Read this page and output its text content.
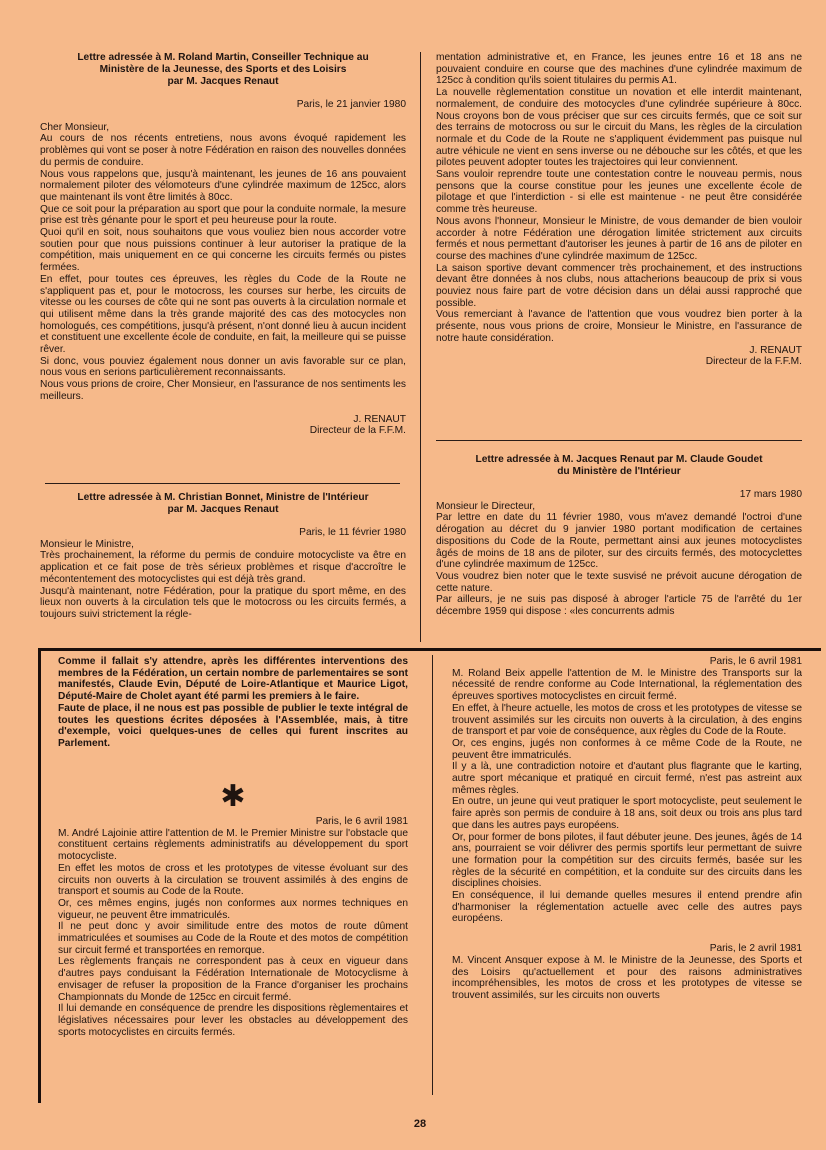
Lettre adressée à M. Roland Martin, Conseiller Technique au
Ministère de la Jeunesse, des Sports et des Loisirs
par M. Jacques Renaut

Paris, le 21 janvier 1980

Cher Monsieur,

Au cours de nos récents entretiens, nous avons évoqué rapidement les problèmes qui vont se poser à notre Fédération en raison des nouvelles données du permis de conduire.

Nous vous rappelons que, jusqu'à maintenant, les jeunes de 16 ans pouvaient normalement piloter des vélomoteurs d'une cylindrée maximum de 125cc, alors que maintenant ils vont être limités à 80cc.

Que ce soit pour la préparation au sport que pour la conduite normale, la mesure prise est très génante pour le sport et peu heureuse pour la route.

Quoi qu'il en soit, nous souhaitons que vous vouliez bien nous accorder votre soutien pour que nous puissions continuer à leur autoriser la pratique de la compétition, mais uniquement en ce qui concerne les circuits fermés ou pistes fermées.

En effet, pour toutes ces épreuves, les règles du Code de la Route ne s'appliquent pas et, pour le motocross, les courses sur herbe, les circuits de vitesse ou les courses de côte qui ne sont pas ouverts à la circulation normale et qui utilisent même dans la très grande majorité des cas des motocycles non homologués, ces compétitions, jusqu'à présent, n'ont donné lieu à aucun incident et constituent une excellente école de conduite, en fait, la meilleure qui se puisse rêver.

Si donc, vous pouviez également nous donner un avis favorable sur ce plan, nous vous en serions particulièrement reconnaissants.

Nous vous prions de croire, Cher Monsieur, en l'assurance de nos sentiments les meilleurs.

J. RENAUT

Directeur de la F.F.M.

Lettre adressée à M. Christian Bonnet, Ministre de l'Intérieur
par M. Jacques Renaut

Paris, le 11 février 1980

Monsieur le Ministre,

Très prochainement, la réforme du permis de conduire motocycliste va être en application et ce fait pose de très sérieux problèmes et risque d'accroître le mécontentement des motocyclistes qui est déjà très grand.

Jusqu'à maintenant, notre Fédération, pour la pratique du sport même, en des lieux non ouverts à la circulation tels que le motocross ou les circuits fermés, a toujours suivi strictement la régle-

mentation administrative et, en France, les jeunes entre 16 et 18 ans ne pouvaient conduire en course que des machines d'une cylindrée maximum de 125cc à condition qu'ils soient titulaires du permis A1.

La nouvelle règlementation constitue un novation et elle interdit maintenant, normalement, de conduire des motocycles d'une cylindrée supérieure à 80cc. Nous croyons bon de vous préciser que sur ces circuits fermés, que ce soit sur des terrains de motocross ou sur le circuit du Mans, les règles de la circulation normale et du Code de la Route ne s'appliquent évidemment pas puisque nul autre véhicule ne vient en sens inverse ou ne débouche sur les côtés, et que les pilotes peuvent adopter toutes les trajectoires qui leur conviennent.

Sans vouloir reprendre toute une contestation contre le nouveau permis, nous pensons que la course constitue pour les jeunes une excellente école de pilotage et que l'interdiction - si elle est maintenue - ne peut être considérée comme très heureuse.

Nous avons l'honneur, Monsieur le Ministre, de vous demander de bien vouloir accorder à notre Fédération une dérogation limitée strictement aux circuits fermés et nous permettant d'autoriser les jeunes à partir de 16 ans de piloter en course des machines d'une cylindrée maximum de 125cc.

La saison sportive devant commencer très prochainement, et des instructions devant être données à nos clubs, nous attacherions beaucoup de prix si vous pouviez nous faire part de votre décision dans un délai aussi rapproché que possible.

Vous remerciant à l'avance de l'attention que vous voudrez bien porter à la présente, nous vous prions de croire, Monsieur le Ministre, en l'assurance de notre haute considération.

J. RENAUT

Directeur de la F.F.M.

Lettre adressée à M. Jacques Renaut par M. Claude Goudet
du Ministère de l'Intérieur

17 mars 1980

Monsieur le Directeur,

Par lettre en date du 11 février 1980, vous m'avez demandé l'octroi d'une dérogation au décret du 9 janvier 1980 portant modification de certaines dispositions du Code de la Route, permettant ainsi aux jeunes motocyclistes âgés de moins de 18 ans de piloter, sur des circuits fermés, des motocyclettes d'une cylindrée maximum de 125cc.

Vous voudrez bien noter que le texte susvisé ne prévoit aucune dérogation de cette nature.

Par ailleurs, je ne suis pas disposé à abroger l'article 75 de l'arrêté du 1er décembre 1959 qui dispose : «les concurrents admis

Comme il fallait s'y attendre, après les différentes interventions des membres de la Fédération, un certain nombre de parlementaires se sont manifestés, Claude Evin, Député de Loire-Atlantique et Maurice Ligot, Député-Maire de Cholet ayant été parmi les premiers à le faire.

Faute de place, il ne nous est pas possible de publier le texte intégral de toutes les questions écrites déposées à l'Assemblée, mais, à titre d'exemple, voici quelques-unes de celles qui furent inscrites au Parlement.

✱

Paris, le 6 avril 1981

M. André Lajoinie attire l'attention de M. le Premier Ministre sur l'obstacle que constituent certains règlements administratifs au développement du sport motocycliste.

En effet les motos de cross et les prototypes de vitesse évoluant sur des circuits non ouverts à la circulation se trouvent assimilés à des engins de transport et soumis au Code de la Route.

Or, ces mêmes engins, jugés non conformes aux normes techniques en vigueur, ne peuvent être immatriculés.

Il ne peut donc y avoir similitude entre des motos de route dûment immatriculées et soumises au Code de la Route et des motos de compétition sur circuit fermé et transportées en remorque.

Les règlements français ne correspondent pas à ceux en vigueur dans d'autres pays conduisant la Fédération Internationale de Motocyclisme à envisager de refuser la proposition de la France d'organiser les prochains Championnats du Monde de 125cc en circuit fermé.

Il lui demande en conséquence de prendre les dispositions règlementaires et législatives nécessaires pour lever les obstacles au développement des sports motocyclistes en circuits fermés.

Paris, le 6 avril 1981

M. Roland Beix appelle l'attention de M. le Ministre des Transports sur la nécessité de rendre conforme au Code International, la réglementation des épreuves sportives motocyclistes en circuit fermé.

En effet, à l'heure actuelle, les motos de cross et les prototypes de vitesse se trouvent assimilés sur les circuits non ouverts à la circulation, à des engins de transport et par voie de conséquence, aux règles du Code de la Route.

Or, ces engins, jugés non conformes à ce même Code de la Route, ne peuvent être immatriculés.

Il y a là, une contradiction notoire et d'autant plus flagrante que le karting, autre sport mécanique et pratiqué en circuit fermé, n'est pas astreint aux mêmes règles.

En outre, un jeune qui veut pratiquer le sport motocycliste, peut seulement le faire après son permis de conduire à 18 ans, soit deux ou trois ans plus tard que dans les autres pays européens.

Or, pour former de bons pilotes, il faut débuter jeune. Des jeunes, âgés de 14 ans, pourraient se voir délivrer des permis sportifs leur permettant de suivre une formation pour la compétition sur des circuits fermés, basée sur les règles de la sécurité en compétition, et la conduite sur des circuits dans les disciplines choisies.

En conséquence, il lui demande quelles mesures il entend prendre afin d'harmoniser la réglementation actuelle avec celle des autres pays européens.

Paris, le 2 avril 1981

M. Vincent Ansquer expose à M. le Ministre de la Jeunesse, des Sports et des Loisirs qu'actuellement et pour des raisons administratives incompréhensibles, les motos de cross et les prototypes de vitesse se trouvent assimilés, sur les circuits non ouverts

28
